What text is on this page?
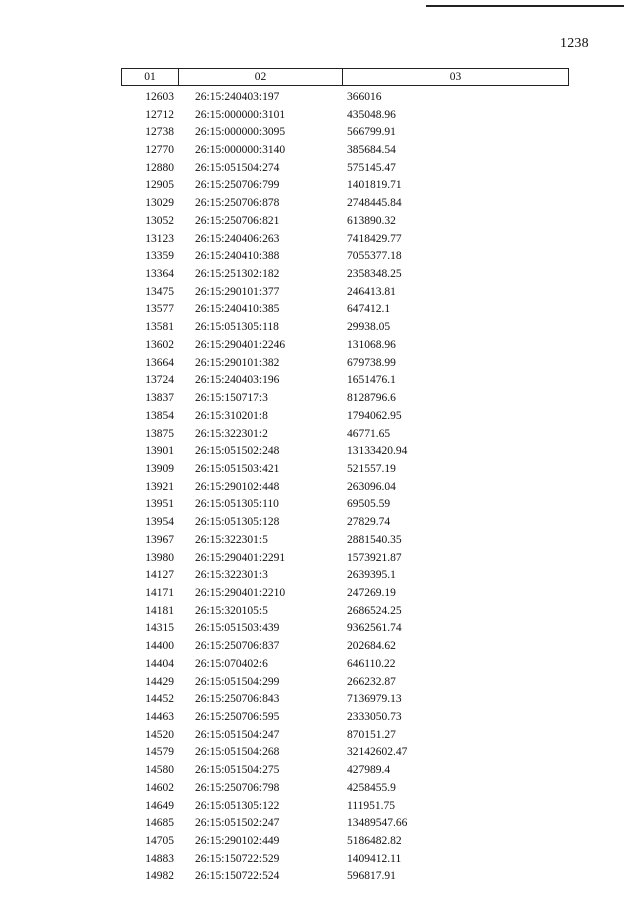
1238
01	02	03
12603	26:15:240403:197	366016
12712	26:15:000000:3101	435048.96
12738	26:15:000000:3095	566799.91
12770	26:15:000000:3140	385684.54
12880	26:15:051504:274	575145.47
12905	26:15:250706:799	1401819.71
13029	26:15:250706:878	2748445.84
13052	26:15:250706:821	613890.32
13123	26:15:240406:263	7418429.77
13359	26:15:240410:388	7055377.18
13364	26:15:251302:182	2358348.25
13475	26:15:290101:377	246413.81
13577	26:15:240410:385	647412.1
13581	26:15:051305:118	29938.05
13602	26:15:290401:2246	131068.96
13664	26:15:290101:382	679738.99
13724	26:15:240403:196	1651476.1
13837	26:15:150717:3	8128796.6
13854	26:15:310201:8	1794062.95
13875	26:15:322301:2	46771.65
13901	26:15:051502:248	13133420.94
13909	26:15:051503:421	521557.19
13921	26:15:290102:448	263096.04
13951	26:15:051305:110	69505.59
13954	26:15:051305:128	27829.74
13967	26:15:322301:5	2881540.35
13980	26:15:290401:2291	1573921.87
14127	26:15:322301:3	2639395.1
14171	26:15:290401:2210	247269.19
14181	26:15:320105:5	2686524.25
14315	26:15:051503:439	9362561.74
14400	26:15:250706:837	202684.62
14404	26:15:070402:6	646110.22
14429	26:15:051504:299	266232.87
14452	26:15:250706:843	7136979.13
14463	26:15:250706:595	2333050.73
14520	26:15:051504:247	870151.27
14579	26:15:051504:268	32142602.47
14580	26:15:051504:275	427989.4
14602	26:15:250706:798	4258455.9
14649	26:15:051305:122	111951.75
14685	26:15:051502:247	13489547.66
14705	26:15:290102:449	5186482.82
14883	26:15:150722:529	1409412.11
14982	26:15:150722:524	596817.91
